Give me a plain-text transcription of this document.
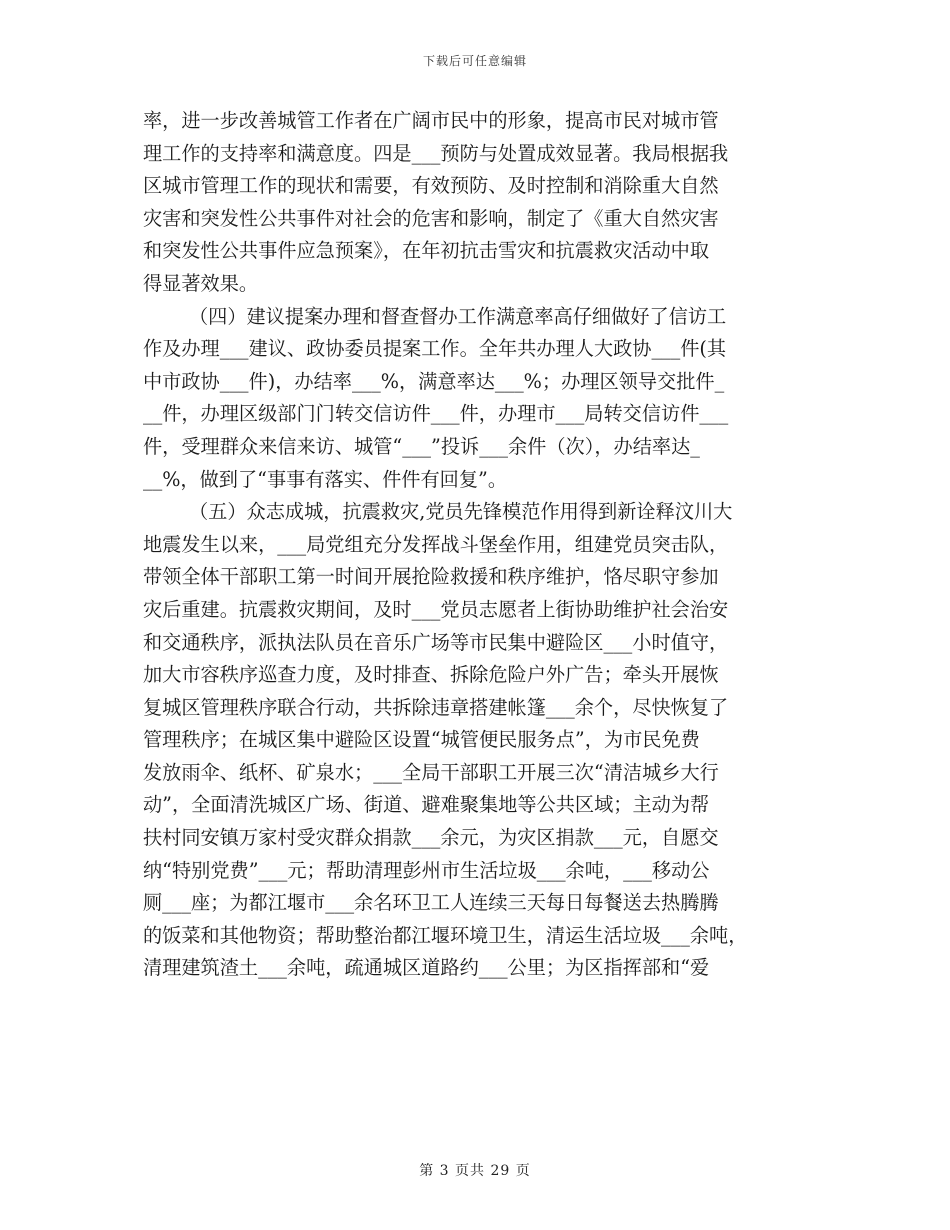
下载后可任意编辑
率，进一步改善城管工作者在广阔市民中的形象，提高市民对城市管
理工作的支持率和满意度。四是___预防与处置成效显著。我局根据我
区城市管理工作的现状和需要，有效预防、及时控制和消除重大自然
灾害和突发性公共事件对社会的危害和影响，制定了《重大自然灾害
和突发性公共事件应急预案》，在年初抗击雪灾和抗震救灾活动中取
得显著效果。
（四）建议提案办理和督查督办工作满意率高仔细做好了信访工
作及办理___建议、政协委员提案工作。全年共办理人大政协___件(其
中市政协___件)，办结率___%，满意率达___%；办理区领导交批件_
__件，办理区级部门门转交信访件___件，办理市___局转交信访件___
件，受理群众来信来访、城管“___”投诉___余件（次），办结率达_
__%，做到了“事事有落实、件件有回复”。
（五）众志成城，抗震救灾,党员先锋模范作用得到新诠释汶川大
地震发生以来，___局党组充分发挥战斗堡垒作用，组建党员突击队，
带领全体干部职工第一时间开展抢险救援和秩序维护，恪尽职守参加
灾后重建。抗震救灾期间，及时___党员志愿者上街协助维护社会治安
和交通秩序，派执法队员在音乐广场等市民集中避险区___小时值守，
加大市容秩序巡查力度，及时排查、拆除危险户外广告；牵头开展恢
复城区管理秩序联合行动，共拆除违章搭建帐篷___余个，尽快恢复了
管理秩序；在城区集中避险区设置“城管便民服务点”，为市民免费
发放雨伞、纸杯、矿泉水；___全局干部职工开展三次“清洁城乡大行
动”，全面清洗城区广场、街道、避难聚集地等公共区域；主动为帮
扶村同安镇万家村受灾群众捐款___余元，为灾区捐款___元，自愿交
纳“特别党费”___元；帮助清理彭州市生活垃圾___余吨，___移动公
厕___座；为都江堰市___余名环卫工人连续三天每日每餐送去热腾腾
的饭菜和其他物资；帮助整治都江堰环境卫生，清运生活垃圾___余吨，
清理建筑渣土___余吨，疏通城区道路约___公里；为区指挥部和“爱
第 3 页共 29 页
